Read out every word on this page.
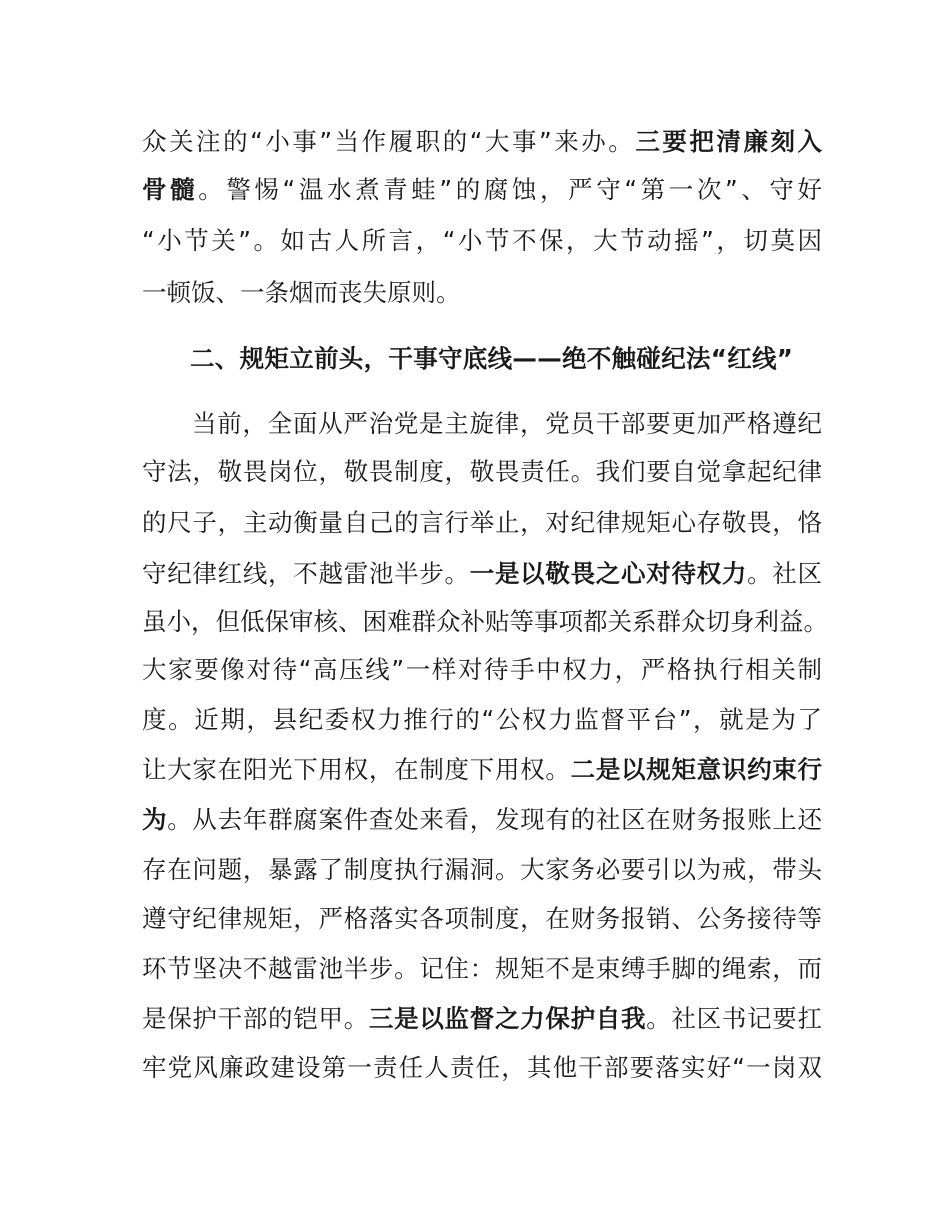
众关注的“小事”当作履职的“大事”来办。三要把清廉刻入
骨髓。警惕“温水煮青蛙”的腐蚀，严守“第一次”、守好
“小节关”。如古人所言，“小节不保，大节动摇”，切莫因
一顿饭、一条烟而丧失原则。
二、规矩立前头，干事守底线——绝不触碰纪法“红线”
当前，全面从严治党是主旋律，党员干部要更加严格遵纪
守法，敬畏岗位，敬畏制度，敬畏责任。我们要自觉拿起纪律
的尺子，主动衡量自己的言行举止，对纪律规矩心存敬畏，恪
守纪律红线，不越雷池半步。一是以敬畏之心对待权力。社区
虽小，但低保审核、困难群众补贴等事项都关系群众切身利益。
大家要像对待“高压线”一样对待手中权力，严格执行相关制
度。近期，县纪委权力推行的“公权力监督平台”，就是为了
让大家在阳光下用权，在制度下用权。二是以规矩意识约束行
为。从去年群腐案件查处来看，发现有的社区在财务报账上还
存在问题，暴露了制度执行漏洞。大家务必要引以为戒，带头
遵守纪律规矩，严格落实各项制度，在财务报销、公务接待等
环节坚决不越雷池半步。记住：规矩不是束缚手脚的绳索，而
是保护干部的铠甲。三是以监督之力保护自我。社区书记要扛
牢党风廉政建设第一责任人责任，其他干部要落实好“一岗双
